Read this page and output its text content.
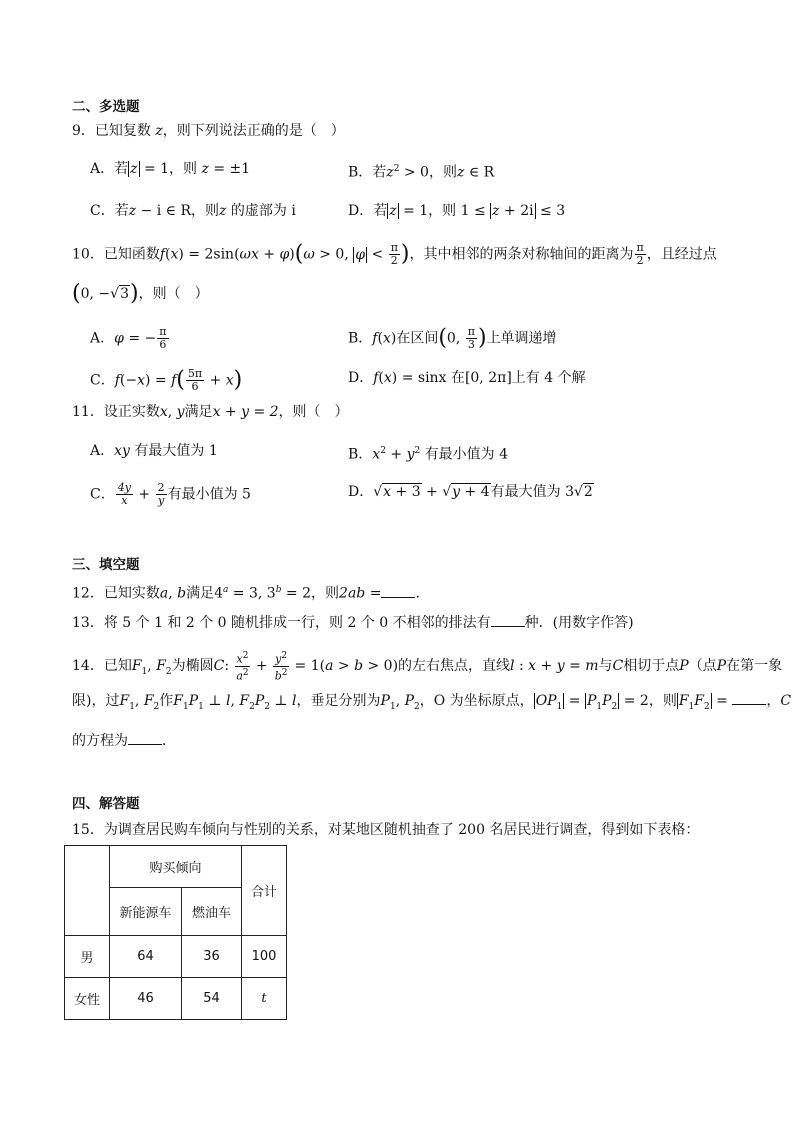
二、多选题
9．已知复数 z，则下列说法正确的是（　）
A．若 z = 1，则 z = ±1	B．若$z^2 > 0$，则z ∈ R
C．若z − i ∈ R，则z 的虚部为 i	D．若 z = 1，则 1 ≤ z + 2i ≤ 3
10．已知函数f(x) = 2sin(ωx + φ)(ω > 0, $\varphi < \frac{\pi}{2}$ )，其中相邻的两条对称轴间的距离为 $\frac{\pi}{2}$ ，且经过点
(0, −√3)，则（　）
A．φ = − $\frac{\pi}{6}$	B．f(x)在区间(0, $\frac{\pi}{3}$ )上单调递增
C．$f(-x) = f( \frac{5\pi}{6} + x)$	D．f(x) = sinx 在[0, 2π]上有 4 个解
11．设正实数x, y满足x + y = 2，则（　）
A．xy 有最大值为 1	B．$x^2 + y^2$ 有最小值为 4
C． $\frac{4y}{x} + \frac{2}{y}$ 有最小值为 5	D．√x + 3 + √y + 4有最大值为 3√2
三、填空题
12．已知实数a, b满足$4^a = 3$, $3^b = 2$，则2ab = .
13．将 5 个 1 和 2 个 0 随机排成一行，则 2 个 0 不相邻的排法有 种．(用数字作答)
14．已知$F_1$, $F_2$为椭圆C: $\frac{x^2}{a^2} + \frac{y^2}{b^2} = 1(a > b > 0)$的左右焦点，直线l : x + y = m与C相切于点P（点P在第一象
限)，过$F_1$, $F_2$作$F_1P_1$ ⊥ l, $F_2P_2$ ⊥ l，垂足分别为$P_1$, $P_2$，O 为坐标原点， $OP_1 = P_1P_2 = 2$，则 $F_1F_2$ = ，C
的方程为 ．
四、解答题
15．为调查居民购车倾向与性别的关系，对某地区随机抽查了 200 名居民进行调查，得到如下表格：
	购买倾向		合计
	新能源车	燃油车	
男	64	36	100
女性	46	54	t
